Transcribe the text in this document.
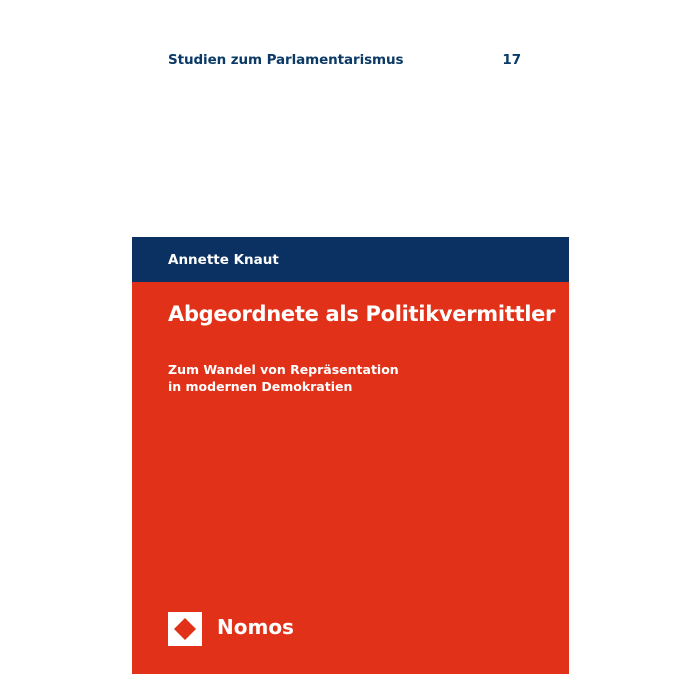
Studien zum Parlamentarismus	17
Annette Knaut
Abgeordnete als Politikvermittler
Zum Wandel von Repräsentation
in modernen Demokratien
Nomos
